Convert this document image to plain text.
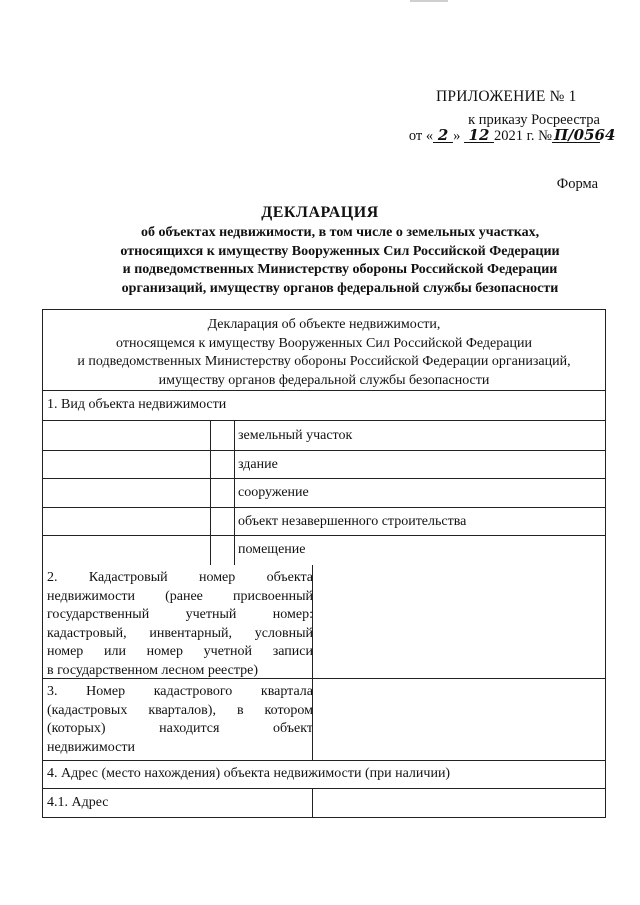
ПРИЛОЖЕНИЕ № 1
к приказу Росреестра
от « 2 » 12 2021 г. № П/0564
Форма
ДЕКЛАРАЦИЯ
об объектах недвижимости, в том числе о земельных участках,
относящихся к имуществу Вооруженных Сил Российской Федерации
и подведомственных Министерству обороны Российской Федерации
организаций, имуществу органов федеральной службы безопасности
Декларация об объекте недвижимости,
относящемся к имуществу Вооруженных Сил Российской Федерации
и подведомственных Министерству обороны Российской Федерации организаций,
имуществу органов федеральной службы безопасности
1. Вид объекта недвижимости
земельный участок
здание
сооружение
объект незавершенного строительства
помещение
2. Кадастровый номер объекта
недвижимости (ранее присвоенный
государственный учетный номер:
кадастровый, инвентарный, условный
номер или номер учетной записи
в государственном лесном реестре)
3. Номер кадастрового квартала
(кадастровых кварталов), в котором
(которых) находится объект
недвижимости
4. Адрес (место нахождения) объекта недвижимости (при наличии)
4.1. Адрес
